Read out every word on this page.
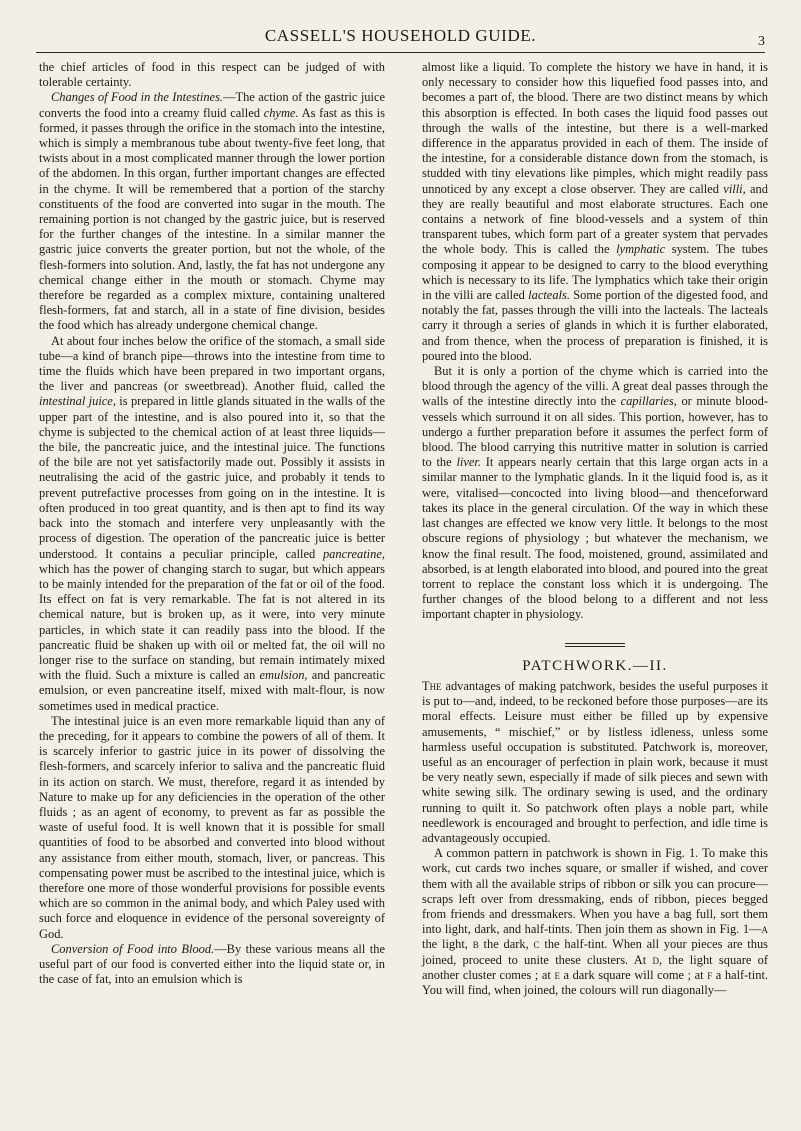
CASSELL'S HOUSEHOLD GUIDE.	3

the chief articles of food in this respect can be judged of with tolerable certainty.

Changes of Food in the Intestines.—The action of the gastric juice converts the food into a creamy fluid called chyme. As fast as this is formed, it passes through the orifice in the stomach into the intestine, which is simply a membranous tube about twenty-five feet long, that twists about in a most complicated manner through the lower portion of the abdomen. In this organ, further important changes are effected in the chyme. It will be remembered that a portion of the starchy constituents of the food are converted into sugar in the mouth. The remaining portion is not changed by the gastric juice, but is reserved for the further changes of the intestine. In a similar manner the gastric juice converts the greater portion, but not the whole, of the flesh-formers into solution. And, lastly, the fat has not undergone any chemical change either in the mouth or stomach. Chyme may therefore be regarded as a complex mixture, containing unaltered flesh-formers, fat and starch, all in a state of fine division, besides the food which has already undergone chemical change.

At about four inches below the orifice of the stomach, a small side tube—a kind of branch pipe—throws into the intestine from time to time the fluids which have been prepared in two important organs, the liver and pancreas (or sweetbread). Another fluid, called the intestinal juice, is prepared in little glands situated in the walls of the upper part of the intestine, and is also poured into it, so that the chyme is subjected to the chemical action of at least three liquids—the bile, the pancreatic juice, and the intestinal juice. The functions of the bile are not yet satisfactorily made out. Possibly it assists in neutralising the acid of the gastric juice, and probably it tends to prevent putrefactive processes from going on in the intestine. It is often produced in too great quantity, and is then apt to find its way back into the stomach and interfere very unpleasantly with the process of digestion. The operation of the pancreatic juice is better understood. It contains a peculiar principle, called pancreatine, which has the power of changing starch to sugar, but which appears to be mainly intended for the preparation of the fat or oil of the food. Its effect on fat is very remarkable. The fat is not altered in its chemical nature, but is broken up, as it were, into very minute particles, in which state it can readily pass into the blood. If the pancreatic fluid be shaken up with oil or melted fat, the oil will no longer rise to the surface on standing, but remain intimately mixed with the fluid. Such a mixture is called an emulsion, and pancreatic emulsion, or even pancreatine itself, mixed with malt-flour, is now sometimes used in medical practice.

The intestinal juice is an even more remarkable liquid than any of the preceding, for it appears to combine the powers of all of them. It is scarcely inferior to gastric juice in its power of dissolving the flesh-formers, and scarcely inferior to saliva and the pancreatic fluid in its action on starch. We must, therefore, regard it as intended by Nature to make up for any deficiencies in the operation of the other fluids ; as an agent of economy, to prevent as far as possible the waste of useful food. It is well known that it is possible for small quantities of food to be absorbed and converted into blood without any assistance from either mouth, stomach, liver, or pancreas. This compensating power must be ascribed to the intestinal juice, which is therefore one more of those wonderful provisions for possible events which are so common in the animal body, and which Paley used with such force and eloquence in evidence of the personal sovereignty of God.

Conversion of Food into Blood.—By these various means all the useful part of our food is converted either into the liquid state or, in the case of fat, into an emulsion which is

almost like a liquid. To complete the history we have in hand, it is only necessary to consider how this liquefied food passes into, and becomes a part of, the blood. There are two distinct means by which this absorption is effected. In both cases the liquid food passes out through the walls of the intestine, but there is a well-marked difference in the apparatus provided in each of them. The inside of the intestine, for a considerable distance down from the stomach, is studded with tiny elevations like pimples, which might readily pass unnoticed by any except a close observer. They are called villi, and they are really beautiful and most elaborate structures. Each one contains a network of fine blood-vessels and a system of thin transparent tubes, which form part of a greater system that pervades the whole body. This is called the lymphatic system. The tubes composing it appear to be designed to carry to the blood everything which is necessary to its life. The lymphatics which take their origin in the villi are called lacteals. Some portion of the digested food, and notably the fat, passes through the villi into the lacteals. The lacteals carry it through a series of glands in which it is further elaborated, and from thence, when the process of preparation is finished, it is poured into the blood.

But it is only a portion of the chyme which is carried into the blood through the agency of the villi. A great deal passes through the walls of the intestine directly into the capillaries, or minute blood-vessels which surround it on all sides. This portion, however, has to undergo a further preparation before it assumes the perfect form of blood. The blood carrying this nutritive matter in solution is carried to the liver. It appears nearly certain that this large organ acts in a similar manner to the lymphatic glands. In it the liquid food is, as it were, vitalised—concocted into living blood—and thenceforward takes its place in the general circulation. Of the way in which these last changes are effected we know very little. It belongs to the most obscure regions of physiology ; but whatever the mechanism, we know the final result. The food, moistened, ground, assimilated and absorbed, is at length elaborated into blood, and poured into the great torrent to replace the constant loss which it is undergoing. The further changes of the blood belong to a different and not less important chapter in physiology.

PATCHWORK.—II.

The advantages of making patchwork, besides the useful purposes it is put to—and, indeed, to be reckoned before those purposes—are its moral effects. Leisure must either be filled up by expensive amusements, “ mischief,” or by listless idleness, unless some harmless useful occupation is substituted. Patchwork is, moreover, useful as an encourager of perfection in plain work, because it must be very neatly sewn, especially if made of silk pieces and sewn with white sewing silk. The ordinary sewing is used, and the ordinary running to quilt it. So patchwork often plays a noble part, while needlework is encouraged and brought to perfection, and idle time is advantageously occupied.

A common pattern in patchwork is shown in Fig. 1. To make this work, cut cards two inches square, or smaller if wished, and cover them with all the available strips of ribbon or silk you can procure—scraps left over from dressmaking, ends of ribbon, pieces begged from friends and dressmakers. When you have a bag full, sort them into light, dark, and half-tints. Then join them as shown in Fig. 1—a the light, b the dark, c the half-tint. When all your pieces are thus joined, proceed to unite these clusters. At d, the light square of another cluster comes ; at e a dark square will come ; at f a half-tint. You will find, when joined, the colours will run diagonally—
